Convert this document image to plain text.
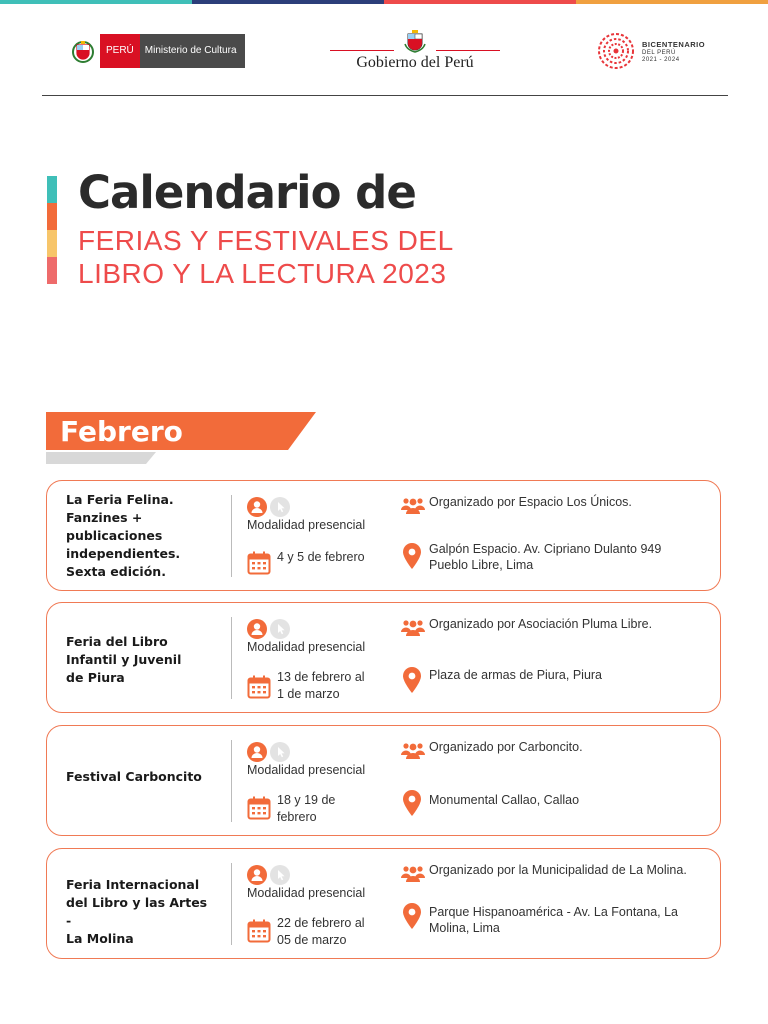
PERÚ	Ministerio de Cultura
Gobierno del Perú
BICENTENARIO
DEL PERÚ
2021 - 2024
Calendario de
FERIAS Y FESTIVALES DEL
LIBRO Y LA LECTURA 2023
Febrero
La Feria Felina.
Fanzines +
publicaciones
independientes.
Sexta edición.
Modalidad presencial
4 y 5 de febrero
Organizado por Espacio Los Únicos.
Galpón Espacio. Av. Cipriano Dulanto 949
Pueblo Libre, Lima
Feria del Libro
Infantil y Juvenil
de Piura
Modalidad presencial
13 de febrero al
1 de marzo
Organizado por Asociación Pluma Libre.
Plaza de armas de Piura, Piura
Festival Carboncito	Modalidad presencial
18 y 19 de
febrero
Organizado por Carboncito.
Monumental Callao, Callao
Feria Internacional
del Libro y las Artes -
La Molina
Modalidad presencial
22 de febrero al
05 de marzo
Organizado por la Municipalidad de La Molina.
Parque Hispanoamérica - Av. La Fontana, La
Molina, Lima
